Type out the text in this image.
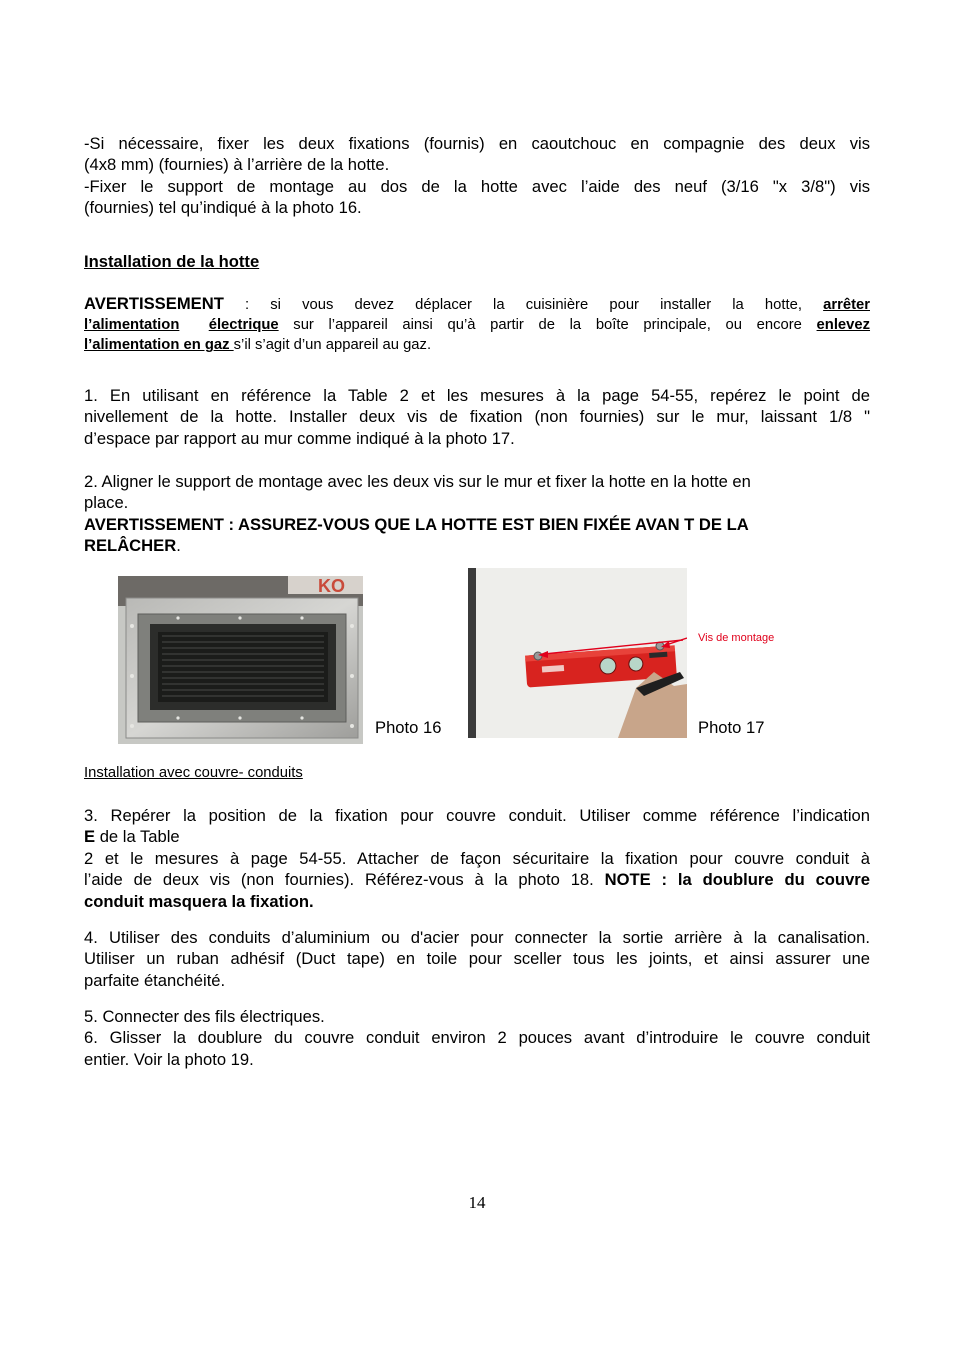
-Si nécessaire, fixer les deux fixations (fournis) en caoutchouc en compagnie des deux vis

(4x8 mm) (fournies) à l’arrière de la hotte.

-Fixer le support de montage au dos de la hotte avec l’aide des neuf (3/16 "x 3/8") vis

(fournies) tel qu’indiqué à la photo 16.

Installation de la hotte

AVERTISSEMENT : si vous devez déplacer la cuisinière pour installer la hotte, arrêter

l’alimentation électrique sur l’appareil ainsi qu’à partir de la boîte principale, ou encore enlevez

l’alimentation en gaz s’il s’agit d’un appareil au gaz.

1. En utilisant en référence la Table 2 et les mesures à la page 54-55, repérez le point de

nivellement de la hotte. Installer deux vis de fixation (non fournies) sur le mur, laissant 1/8 "

d’espace par rapport au mur comme indiqué à la photo 17.

2. Aligner le support de montage avec les deux vis sur le mur et fixer la hotte en la hotte en

place.

AVERTISSEMENT : ASSUREZ-VOUS QUE LA HOTTE EST BIEN FIXÉE AVAN T DE LA

RELÂCHER.

KO
Photo 16
Vis de montage
Photo 17
Installation avec couvre- conduits

3. Repérer la position de la fixation pour couvre conduit. Utiliser comme référence l’indication

E de la Table

2 et le mesures à page 54-55. Attacher de façon sécuritaire la fixation pour couvre conduit à

l’aide de deux vis (non fournies). Référez-vous à la photo 18. NOTE : la doublure du couvre

conduit masquera la fixation.

4. Utiliser des conduits d’aluminium ou d'acier pour connecter la sortie arrière à la canalisation.

Utiliser un ruban adhésif (Duct tape) en toile pour sceller tous les joints, et ainsi assurer une

parfaite étanchéité.

5. Connecter des fils électriques.

6. Glisser la doublure du couvre conduit environ 2 pouces avant d’introduire le couvre conduit

entier. Voir la photo 19.

14
